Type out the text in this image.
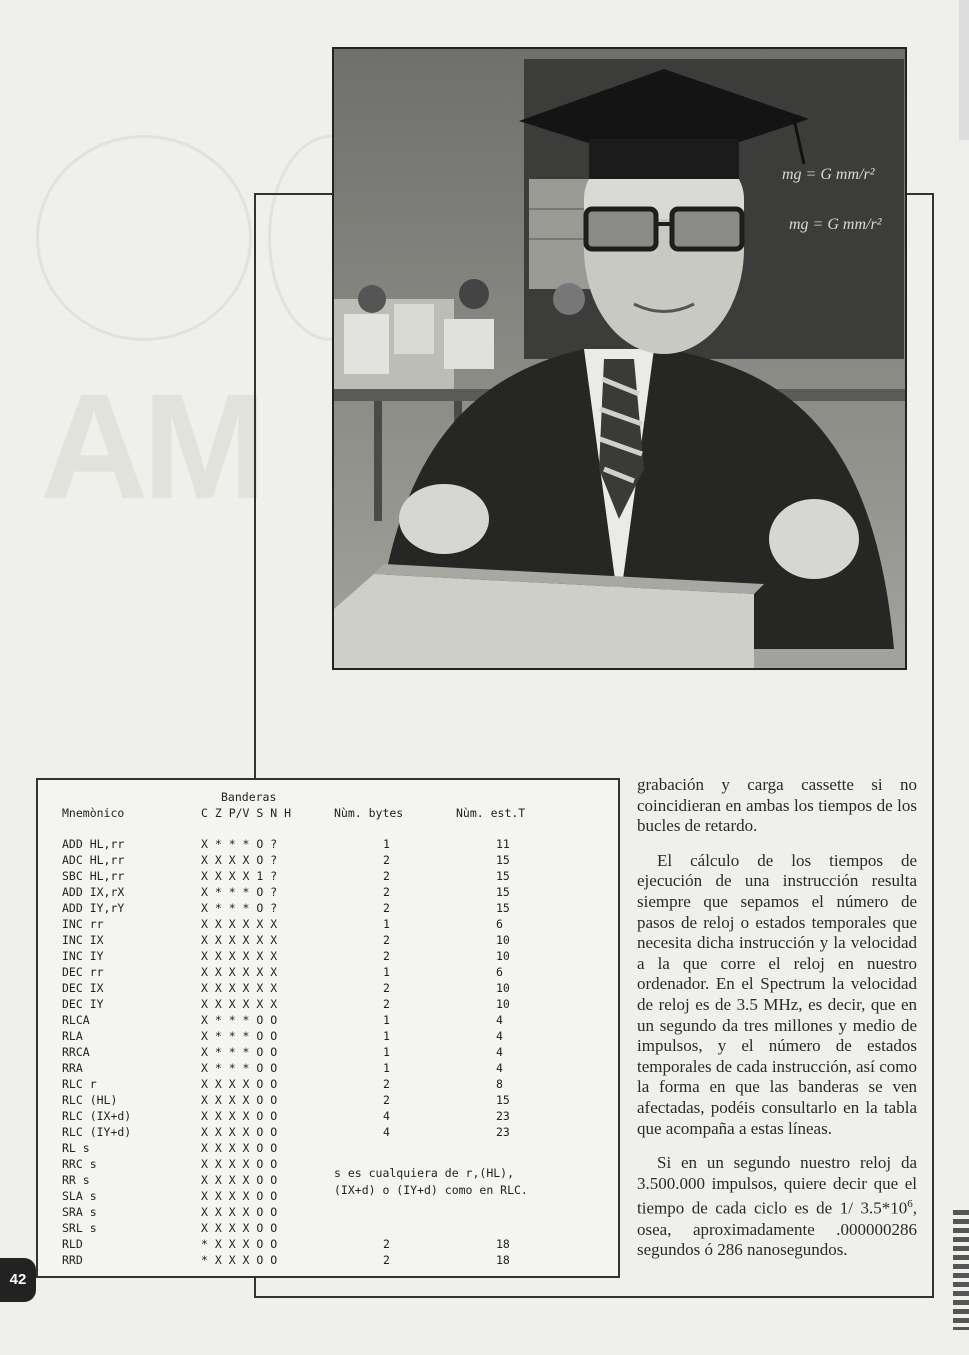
AM
mg = G mm/r²
mg = G mm/r²
Banderas
Mnemònico	C Z P/V S N H	Nùm. bytes	Nùm. est.T
ADD HL,rr	X * * * O ?	1	11
ADC HL,rr	X X X X O ?	2	15
SBC HL,rr	X X X X 1 ?	2	15
ADD IX,rX	X * * * O ?	2	15
ADD IY,rY	X * * * O ?	2	15
INC rr	X X X X X X	1	6
INC IX	X X X X X X	2	10
INC IY	X X X X X X	2	10
DEC rr	X X X X X X	1	6
DEC IX	X X X X X X	2	10
DEC IY	X X X X X X	2	10
RLCA	X * * * O O	1	4
RLA	X * * * O O	1	4
RRCA	X * * * O O	1	4
RRA	X * * * O O	1	4
RLC r	X X X X O O	2	8
RLC (HL)	X X X X O O	2	15
RLC (IX+d)	X X X X O O	4	23
RLC (IY+d)	X X X X O O	4	23
RL s	X X X X O O
RRC s	X X X X O O
RR s	X X X X O O
SLA s	X X X X O O
SRA s	X X X X O O
SRL s	X X X X O O
RLD	* X X X O O	2	18
RRD	* X X X O O	2	18
s es cualquiera de r,(HL),
(IX+d) o (IY+d) como en RLC.

grabación y carga cassette si no coincidieran en ambas los tiempos de los bucles de retardo.

El cálculo de los tiempos de ejecución de una instrucción resulta siempre que sepamos el número de pasos de reloj o estados temporales que necesita dicha instrucción y la velocidad a la que corre el reloj en nuestro ordenador. En el Spectrum la velocidad de reloj es de 3.5 MHz, es decir, que en un segundo da tres millones y medio de impulsos, y el número de estados temporales de cada instrucción, así como la forma en que las banderas se ven afectadas, podéis consultarlo en la tabla que acompaña a estas líneas.

Si en un segundo nuestro reloj da 3.500.000 impulsos, quiere decir que el tiempo de cada ciclo es de 1/ $3.5*10^6$, osea, aproximadamente .000000286 segundos ó 286 nanosegundos.

42
